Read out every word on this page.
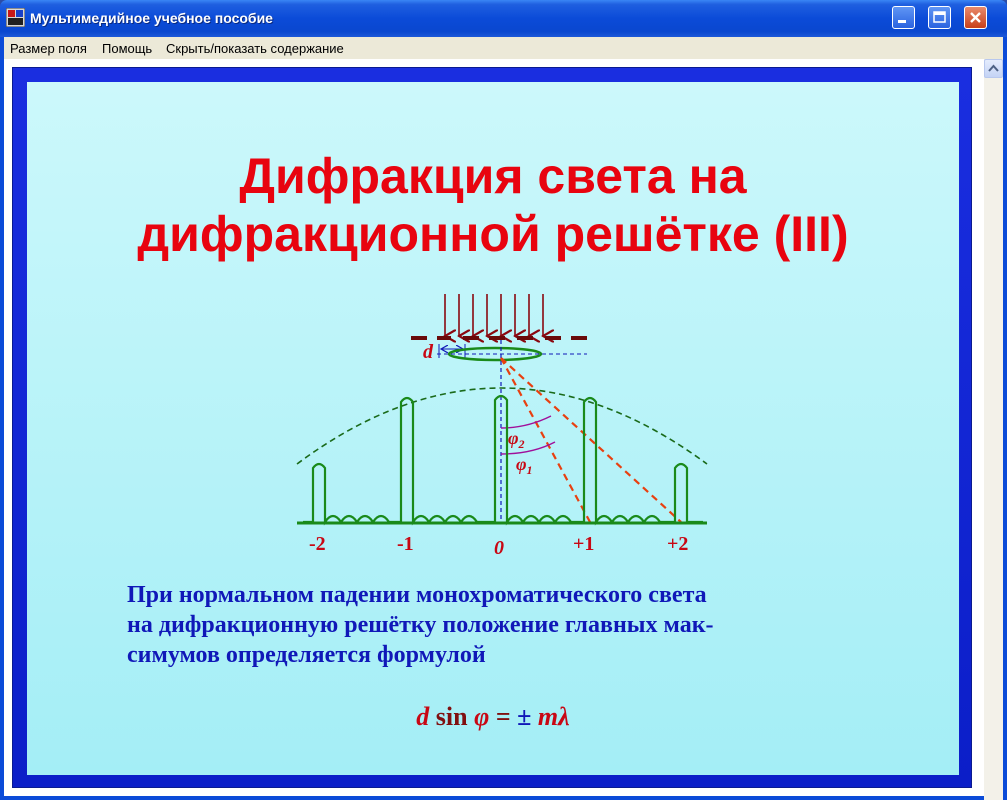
Мультимедийное учебное пособие
Размер поля Помощь Скрыть/показать содержание
Дифракция света на
дифракционной решётке (III)
d
$\varphi_2$
$\varphi_1$
-2	-1	0	+1	+2
При нормальном падении монохроматического света
на дифракционную решётку положение главных мак-
симумов определяется формулой
d sin φ = ± mλ
